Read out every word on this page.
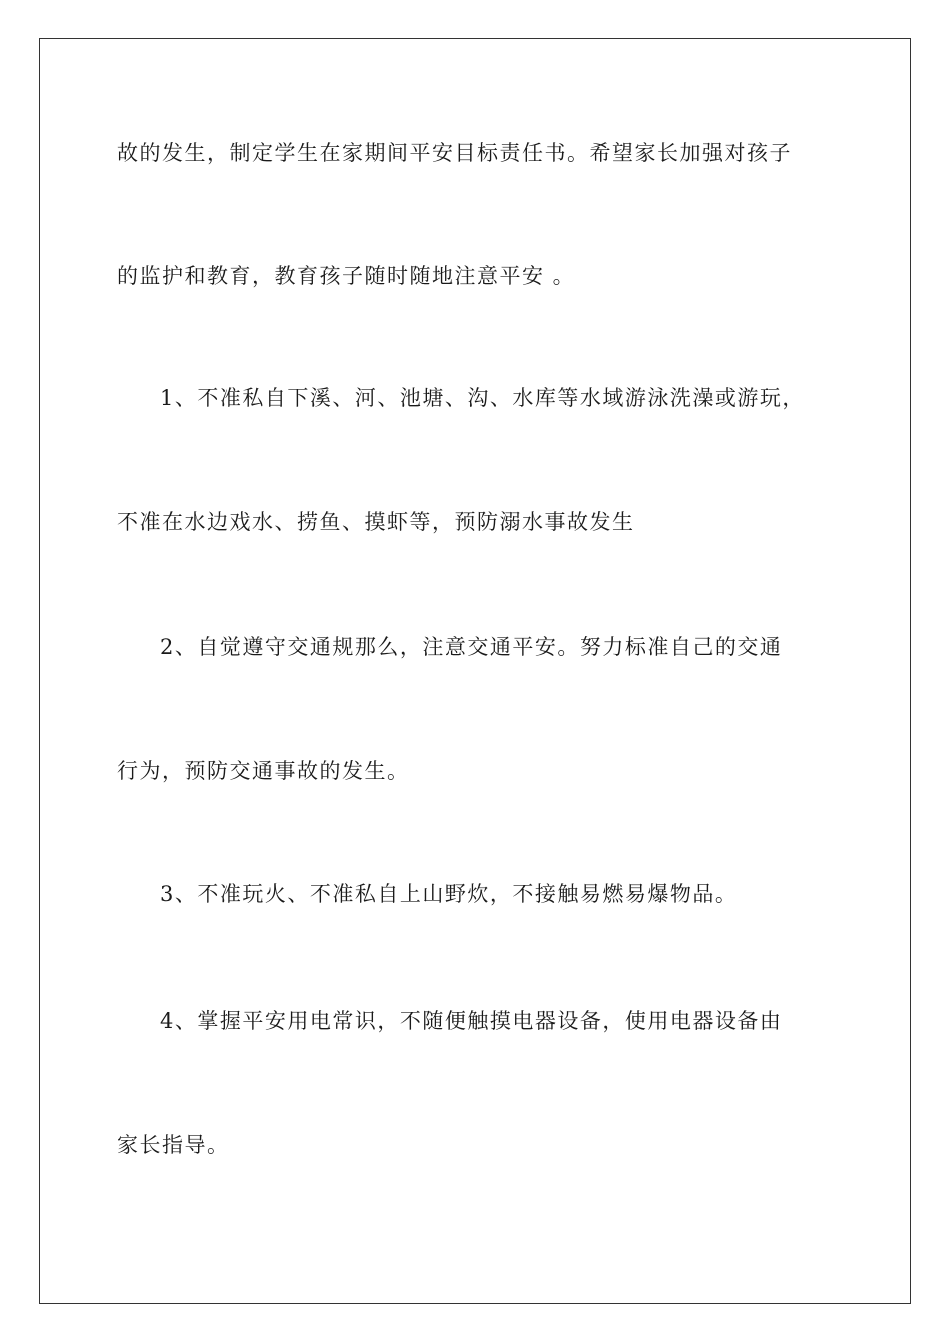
故的发生，制定学生在家期间平安目标责任书。希望家长加强对孩子
的监护和教育，教育孩子随时随地注意平安 。
1、不准私自下溪、河、池塘、沟、水库等水域游泳洗澡或游玩，
不准在水边戏水、捞鱼、摸虾等，预防溺水事故发生
2、自觉遵守交通规那么，注意交通平安。努力标准自己的交通
行为，预防交通事故的发生。
3、不准玩火、不准私自上山野炊，不接触易燃易爆物品。
4、掌握平安用电常识，不随便触摸电器设备，使用电器设备由
家长指导。
